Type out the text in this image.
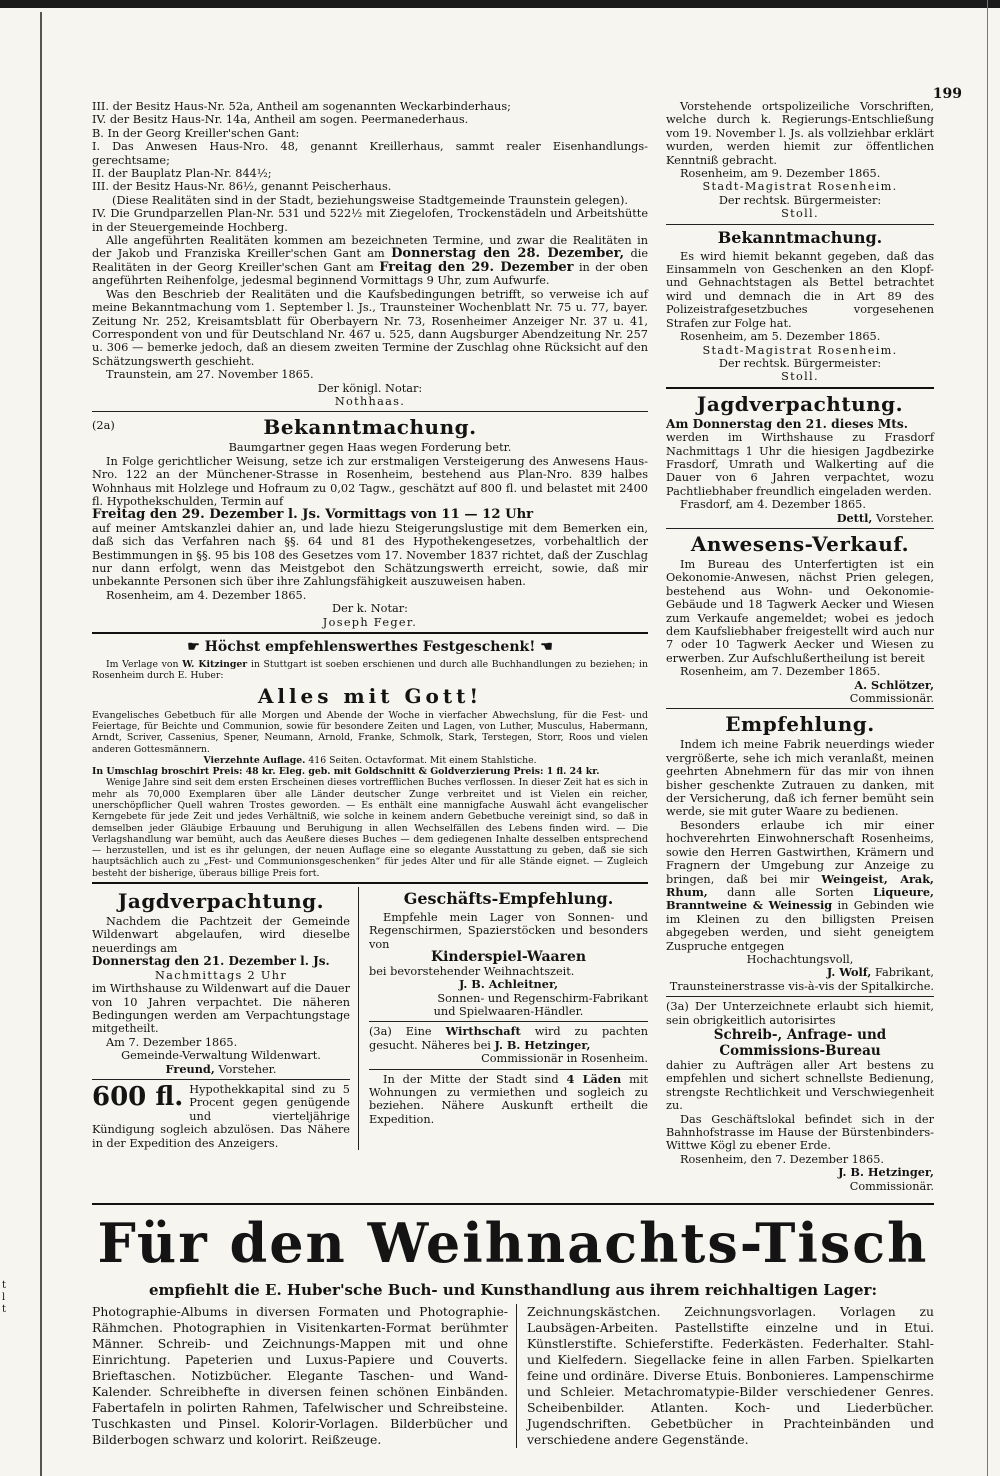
199
t
l
t

III. der Besitz Haus-Nr. 52a, Antheil am sogenannten Weckarbinderhaus;

IV. der Besitz Haus-Nr. 14a, Antheil am sogen. Peermanederhaus.

B. In der Georg Kreiller'schen Gant:

I. Das Anwesen Haus-Nro. 48, genannt Kreillerhaus, sammt realer Eisenhandlungs-gerechtsame;

II. der Bauplatz Plan-Nr. 844½;

III. der Besitz Haus-Nr. 86½, genannt Peischerhaus.

(Diese Realitäten sind in der Stadt, beziehungsweise Stadtgemeinde Traunstein gelegen).

IV. Die Grundparzellen Plan-Nr. 531 und 522½ mit Ziegelofen, Trockenstädeln und Arbeitshütte in der Steuergemeinde Hochberg.

Alle angeführten Realitäten kommen am bezeichneten Termine, und zwar die Realitäten in der Jakob und Franziska Kreiller'schen Gant am Donnerstag den 28. Dezember, die Realitäten in der Georg Kreiller'schen Gant am Freitag den 29. Dezember in der oben angeführten Reihenfolge, jedesmal beginnend Vormittags 9 Uhr, zum Aufwurfe.

Was den Beschrieb der Realitäten und die Kaufsbedingungen betrifft, so verweise ich auf meine Bekanntmachung vom 1. September l. Js., Traunsteiner Wochenblatt Nr. 75 u. 77, bayer. Zeitung Nr. 252, Kreisamtsblatt für Oberbayern Nr. 73, Rosenheimer Anzeiger Nr. 37 u. 41, Correspondent von und für Deutschland Nr. 467 u. 525, dann Augsburger Abendzeitung Nr. 257 u. 306 — bemerke jedoch, daß an diesem zweiten Termine der Zuschlag ohne Rücksicht auf den Schätzungswerth geschieht.

Traunstein, am 27. November 1865.

Der königl. Notar:

Nothhaas.

(2a)	Bekanntmachung.

Baumgartner gegen Haas wegen Forderung betr.

In Folge gerichtlicher Weisung, setze ich zur erstmaligen Versteigerung des Anwesens Haus-Nro. 122 an der Münchener-Strasse in Rosenheim, bestehend aus Plan-Nro. 839 halbes Wohnhaus mit Holzlege und Hofraum zu 0,02 Tagw., geschätzt auf 800 fl. und belastet mit 2400 fl. Hypothekschulden, Termin auf

Freitag den 29. Dezember l. Js. Vormittags von 11 — 12 Uhr

auf meiner Amtskanzlei dahier an, und lade hiezu Steigerungslustige mit dem Bemerken ein, daß sich das Verfahren nach §§. 64 und 81 des Hypothekengesetzes, vorbehaltlich der Bestimmungen in §§. 95 bis 108 des Gesetzes vom 17. November 1837 richtet, daß der Zuschlag nur dann erfolgt, wenn das Meistgebot den Schätzungswerth erreicht, sowie, daß mir unbekannte Personen sich über ihre Zahlungsfähigkeit auszuweisen haben.

Rosenheim, am 4. Dezember 1865.

Der k. Notar:

Joseph Feger.

☛ Höchst empfehlenswerthes Festgeschenk! ☚

Im Verlage von W. Kitzinger in Stuttgart ist soeben erschienen und durch alle Buchhandlungen zu beziehen; in Rosenheim durch E. Huber:

Alles mit Gott!

Evangelisches Gebetbuch für alle Morgen und Abende der Woche in vierfacher Abwechslung, für die Fest- und Feiertage, für Beichte und Communion, sowie für besondere Zeiten und Lagen, von Luther, Musculus, Habermann, Arndt, Scriver, Cassenius, Spener, Neumann, Arnold, Franke, Schmolk, Stark, Terstegen, Storr, Roos und vielen anderen Gottesmännern.

Vierzehnte Auflage. 416 Seiten. Octavformat. Mit einem Stahlstiche.

In Umschlag broschirt Preis: 48 kr. Eleg. geb. mit Goldschnitt & Goldverzierung Preis: 1 fl. 24 kr.

Wenige Jahre sind seit dem ersten Erscheinen dieses vortrefflichen Buches verflossen. In dieser Zeit hat es sich in mehr als 70,000 Exemplaren über alle Länder deutscher Zunge verbreitet und ist Vielen ein reicher, unerschöpflicher Quell wahren Trostes geworden. — Es enthält eine mannigfache Auswahl ächt evangelischer Kerngebete für jede Zeit und jedes Verhältniß, wie solche in keinem andern Gebetbuche vereinigt sind, so daß in demselben jeder Gläubige Erbauung und Beruhigung in allen Wechselfällen des Lebens finden wird. — Die Verlagshandlung war bemüht, auch das Aeußere dieses Buches — dem gediegenen Inhalte desselben entsprechend — herzustellen, und ist es ihr gelungen, der neuen Auflage eine so elegante Ausstattung zu geben, daß sie sich hauptsächlich auch zu „Fest- und Communionsgeschenken“ für jedes Alter und für alle Stände eignet. — Zugleich besteht der bisherige, überaus billige Preis fort.

Jagdverpachtung.

Nachdem die Pachtzeit der Gemeinde Wildenwart abgelaufen, wird dieselbe neuerdings am

Donnerstag den 21. Dezember l. Js.

Nachmittags 2 Uhr

im Wirthshause zu Wildenwart auf die Dauer von 10 Jahren verpachtet. Die näheren Bedingungen werden am Verpachtungstage mitgetheilt.

Am 7. Dezember 1865.

Gemeinde-Verwaltung Wildenwart.

Freund, Vorsteher.

600 fl. Hypothekkapital sind zu 5 Procent gegen genügende und vierteljährige Kündigung sogleich abzulösen. Das Nähere in der Expedition des Anzeigers.

Geschäfts-Empfehlung.

Empfehle mein Lager von Sonnen- und Regenschirmen, Spazierstöcken und besonders von

Kinderspiel-Waaren

bei bevorstehender Weihnachtszeit.

J. B. Achleitner,

Sonnen- und Regenschirm-Fabrikant

und Spielwaaren-Händler.

(3a) Eine Wirthschaft wird zu pachten gesucht. Näheres bei J. B. Hetzinger,

Commissionär in Rosenheim.

In der Mitte der Stadt sind 4 Läden mit Wohnungen zu vermiethen und sogleich zu beziehen. Nähere Auskunft ertheilt die Expedition.

Vorstehende ortspolizeiliche Vorschriften, welche durch k. Regierungs-Entschließung vom 19. November l. Js. als vollziehbar erklärt wurden, werden hiemit zur öffentlichen Kenntniß gebracht.

Rosenheim, am 9. Dezember 1865.

Stadt-Magistrat Rosenheim.

Der rechtsk. Bürgermeister:

Stoll.

Bekanntmachung.

Es wird hiemit bekannt gegeben, daß das Einsammeln von Geschenken an den Klopf- und Gehnachtstagen als Bettel betrachtet wird und demnach die in Art 89 des Polizeistrafgesetzbuches vorgesehenen Strafen zur Folge hat.

Rosenheim, am 5. Dezember 1865.

Stadt-Magistrat Rosenheim.

Der rechtsk. Bürgermeister:

Stoll.

Jagdverpachtung.

Am Donnerstag den 21. dieses Mts.

werden im Wirthshause zu Frasdorf Nachmittags 1 Uhr die hiesigen Jagdbezirke Frasdorf, Umrath und Walkerting auf die Dauer von 6 Jahren verpachtet, wozu Pachtliebhaber freundlich eingeladen werden.

Frasdorf, am 4. Dezember 1865.

Dettl, Vorsteher.

Anwesens-Verkauf.

Im Bureau des Unterfertigten ist ein Oekonomie-Anwesen, nächst Prien gelegen, bestehend aus Wohn- und Oekonomie-Gebäude und 18 Tagwerk Aecker und Wiesen zum Verkaufe angemeldet; wobei es jedoch dem Kaufsliebhaber freigestellt wird auch nur 7 oder 10 Tagwerk Aecker und Wiesen zu erwerben. Zur Aufschlußertheilung ist bereit

Rosenheim, am 7. Dezember 1865.

A. Schlötzer,

Commissionär.

Empfehlung.

Indem ich meine Fabrik neuerdings wieder vergrößerte, sehe ich mich veranlaßt, meinen geehrten Abnehmern für das mir von ihnen bisher geschenkte Zutrauen zu danken, mit der Versicherung, daß ich ferner bemüht sein werde, sie mit guter Waare zu bedienen.

Besonders erlaube ich mir einer hochverehrten Einwohnerschaft Rosenheims, sowie den Herren Gastwirthen, Krämern und Fragnern der Umgebung zur Anzeige zu bringen, daß bei mir Weingeist, Arak, Rhum, dann alle Sorten Liqueure, Branntweine & Weinessig in Gebinden wie im Kleinen zu den billigsten Preisen abgegeben werden, und sieht geneigtem Zuspruche entgegen

Hochachtungsvoll,

J. Wolf, Fabrikant,

Traunsteinerstrasse vis-à-vis der Spitalkirche.

(3a) Der Unterzeichnete erlaubt sich hiemit, sein obrigkeitlich autorisirtes

Schreib-, Anfrage- und Commissions-Bureau

dahier zu Aufträgen aller Art bestens zu empfehlen und sichert schnellste Bedienung, strengste Rechtlichkeit und Verschwiegenheit zu.

Das Geschäftslokal befindet sich in der Bahnhofstrasse im Hause der Bürstenbinders-Wittwe Kögl zu ebener Erde.

Rosenheim, den 7. Dezember 1865.

J. B. Hetzinger,

Commissionär.

Für den Weihnachts-Tisch
empfiehlt die E. Huber'sche Buch- und Kunsthandlung aus ihrem reichhaltigen Lager:
Photographie-Albums in diversen Formaten und Photographie-Rähmchen. Photographien in Visitenkarten-Format berühmter Männer. Schreib- und Zeichnungs-Mappen mit und ohne Einrichtung. Papeterien und Luxus-Papiere und Couverts. Brieftaschen. Notizbücher. Elegante Taschen- und Wand-Kalender. Schreibhefte in diversen feinen schönen Einbänden. Fabertafeln in polirten Rahmen, Tafelwischer und Schreibsteine. Tuschkasten und Pinsel. Kolorir-Vorlagen. Bilderbücher und Bilderbogen schwarz und kolorirt. Reißzeuge.
Zeichnungskästchen. Zeichnungsvorlagen. Vorlagen zu Laubsägen-Arbeiten. Pastellstifte einzelne und in Etui. Künstlerstifte. Schieferstifte. Federkästen. Federhalter. Stahl- und Kielfedern. Siegellacke feine in allen Farben. Spielkarten feine und ordinäre. Diverse Etuis. Bonbonieres. Lampenschirme und Schleier. Metachromatypie-Bilder verschiedener Genres. Scheibenbilder. Atlanten. Koch- und Liederbücher. Jugendschriften. Gebetbücher in Prachteinbänden und verschiedene andere Gegenstände.
